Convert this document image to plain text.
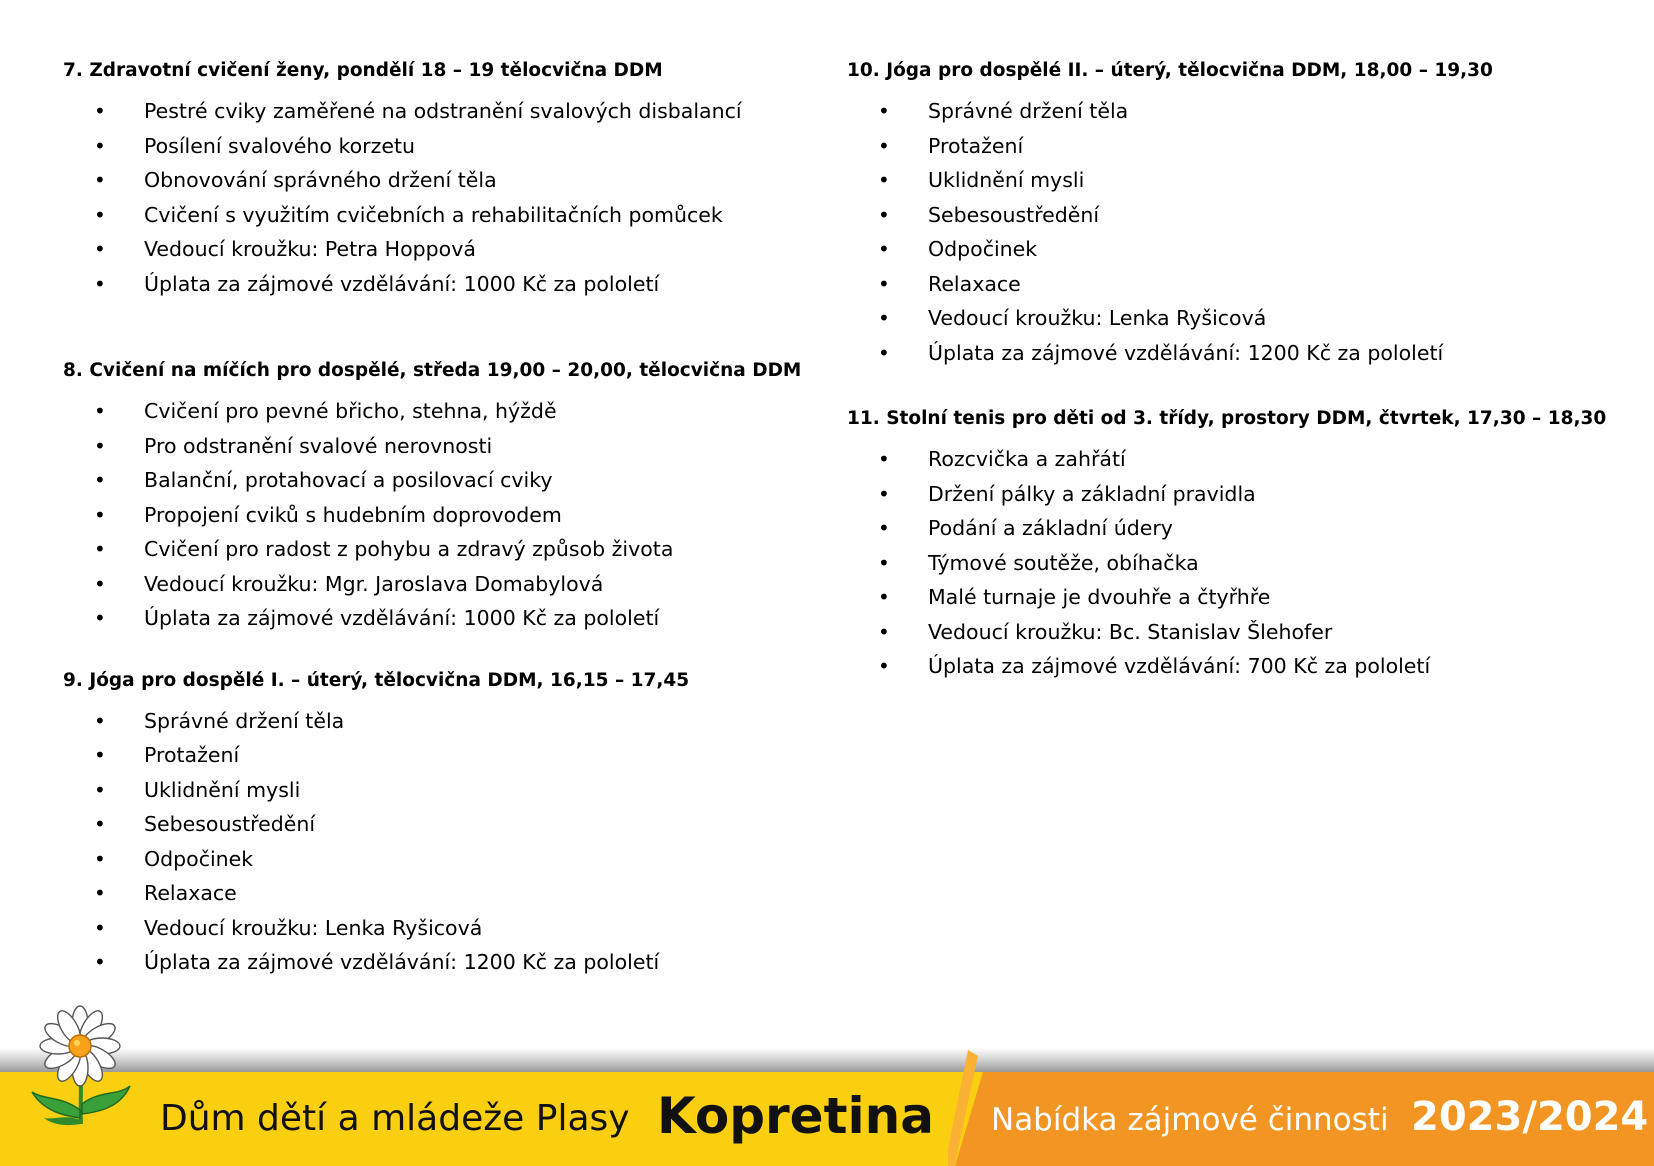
7. Zdravotní cvičení ženy, pondělí 18 – 19 tělocvična DDM

• Pestré cviky zaměřené na odstranění svalových disbalancí
• Posílení svalového korzetu
• Obnovování správného držení těla
• Cvičení s využitím cvičebních a rehabilitačních pomůcek
• Vedoucí kroužku: Petra Hoppová
• Úplata za zájmové vzdělávání: 1000 Kč za pololetí

8. Cvičení na míčích pro dospělé, středa 19,00 – 20,00, tělocvična DDM

• Cvičení pro pevné břicho, stehna, hýždě
• Pro odstranění svalové nerovnosti
• Balanční, protahovací a posilovací cviky
• Propojení cviků s hudebním doprovodem
• Cvičení pro radost z pohybu a zdravý způsob života
• Vedoucí kroužku: Mgr. Jaroslava Domabylová
• Úplata za zájmové vzdělávání: 1000 Kč za pololetí

9. Jóga pro dospělé I. – úterý, tělocvična DDM, 16,15 – 17,45

• Správné držení těla
• Protažení
• Uklidnění mysli
• Sebesoustředění
• Odpočinek
• Relaxace
• Vedoucí kroužku: Lenka Ryšicová
• Úplata za zájmové vzdělávání: 1200 Kč za pololetí

10. Jóga pro dospělé II. – úterý, tělocvična DDM, 18,00 – 19,30

• Správné držení těla
• Protažení
• Uklidnění mysli
• Sebesoustředění
• Odpočinek
• Relaxace
• Vedoucí kroužku: Lenka Ryšicová
• Úplata za zájmové vzdělávání: 1200 Kč za pololetí

11. Stolní tenis pro děti od 3. třídy, prostory DDM, čtvrtek, 17,30 – 18,30

• Rozcvička a zahřátí
• Držení pálky a základní pravidla
• Podání a základní údery
• Týmové soutěže, obíhačka
• Malé turnaje je dvouhře a čtyřhře
• Vedoucí kroužku: Bc. Stanislav Šlehofer
• Úplata za zájmové vzdělávání: 700 Kč za pololetí
Dům dětí a mládeže Plasy Kopretina Nabídka zájmové činnosti 2023/2024
